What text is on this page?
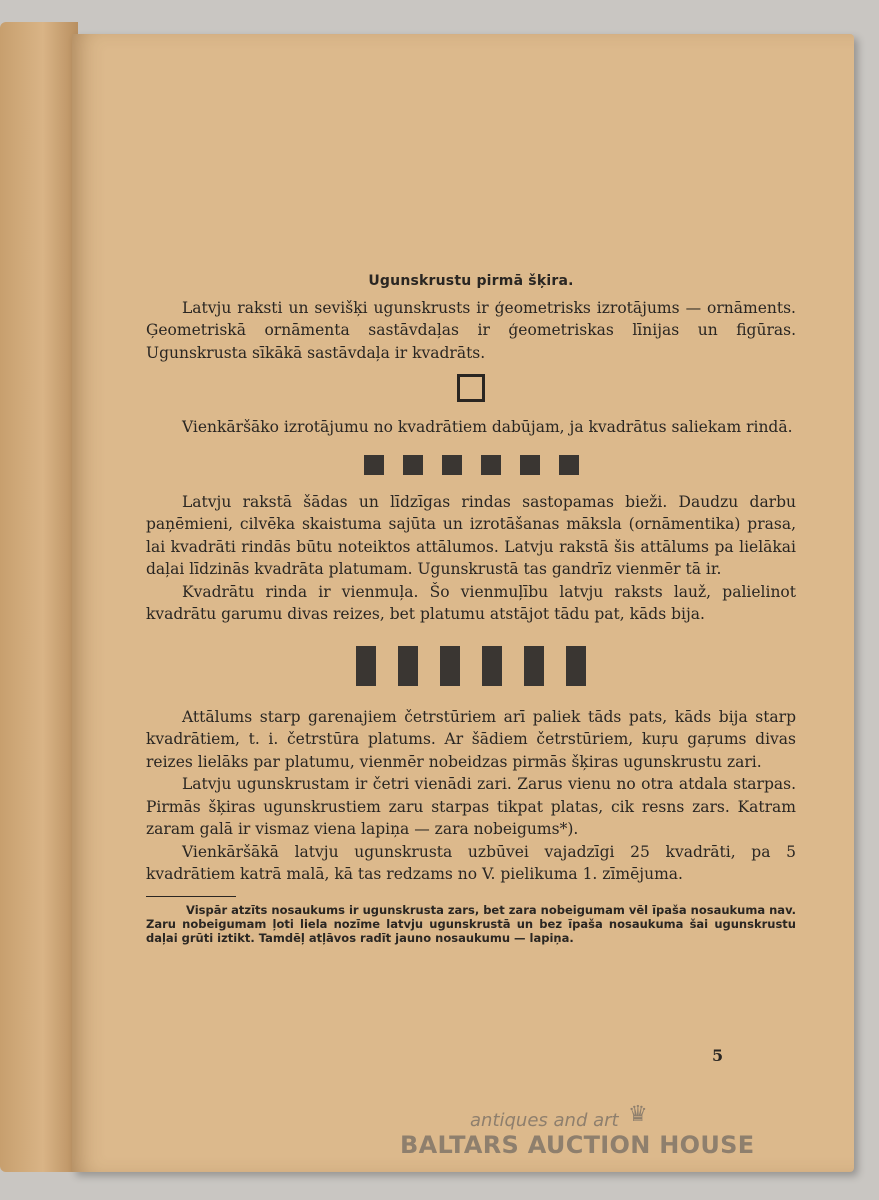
Ugunskrustu pirmā šķira.

Latvju raksti un sevišķi ugunskrusts ir ģeometrisks izrotājums — ornāments. Ģeometriskā ornāmenta sastāvdaļas ir ģeometriskas līnijas un figūras. Ugunskrusta sīkākā sastāvdaļa ir kvadrāts.

Vienkāršāko izrotājumu no kvadrātiem dabūjam, ja kvadrātus saliekam rindā.

Latvju rakstā šādas un līdzīgas rindas sastopamas bieži. Daudzu darbu paņēmieni, cilvēka skaistuma sajūta un izrotāšanas māksla (ornāmentika) prasa, lai kvadrāti rindās būtu noteiktos attālumos. Latvju rakstā šis attālums pa lielākai daļai līdzinās kvadrāta platumam. Ugunskrustā tas gandrīz vienmēr tā ir.

Kvadrātu rinda ir vienmuļa. Šo vienmuļību latvju raksts lauž, palielinot kvadrātu garumu divas reizes, bet platumu atstājot tādu pat, kāds bija.

Attālums starp garenajiem četrstūriem arī paliek tāds pats, kāds bija starp kvadrātiem, t. i. četrstūra platums. Ar šādiem četrstūriem, kuŗu gaŗums divas reizes lielāks par platumu, vienmēr nobeidzas pirmās šķiras ugunskrustu zari.

Latvju ugunskrustam ir četri vienādi zari. Zarus vienu no otra atdala starpas. Pirmās šķiras ugunskrustiem zaru starpas tikpat platas, cik resns zars. Katram zaram galā ir vismaz viena lapiņa — zara nobeigums*).

Vienkāršākā latvju ugunskrusta uzbūvei vajadzīgi 25 kvadrāti, pa 5 kvadrātiem katrā malā, kā tas redzams no V. pielikuma 1. zīmējuma.

Vispār atzīts nosaukums ir ugunskrusta zars, bet zara nobeigumam vēl īpaša nosaukuma nav. Zaru nobeigumam ļoti liela nozīme latvju ugunskrustā un bez īpaša nosaukuma šai ugunskrustu daļai grūti iztikt. Tamdēļ atļāvos radīt jauno nosaukumu — lapiņa.

5
antiques and art
BALTARS AUCTION HOUSE
♛
